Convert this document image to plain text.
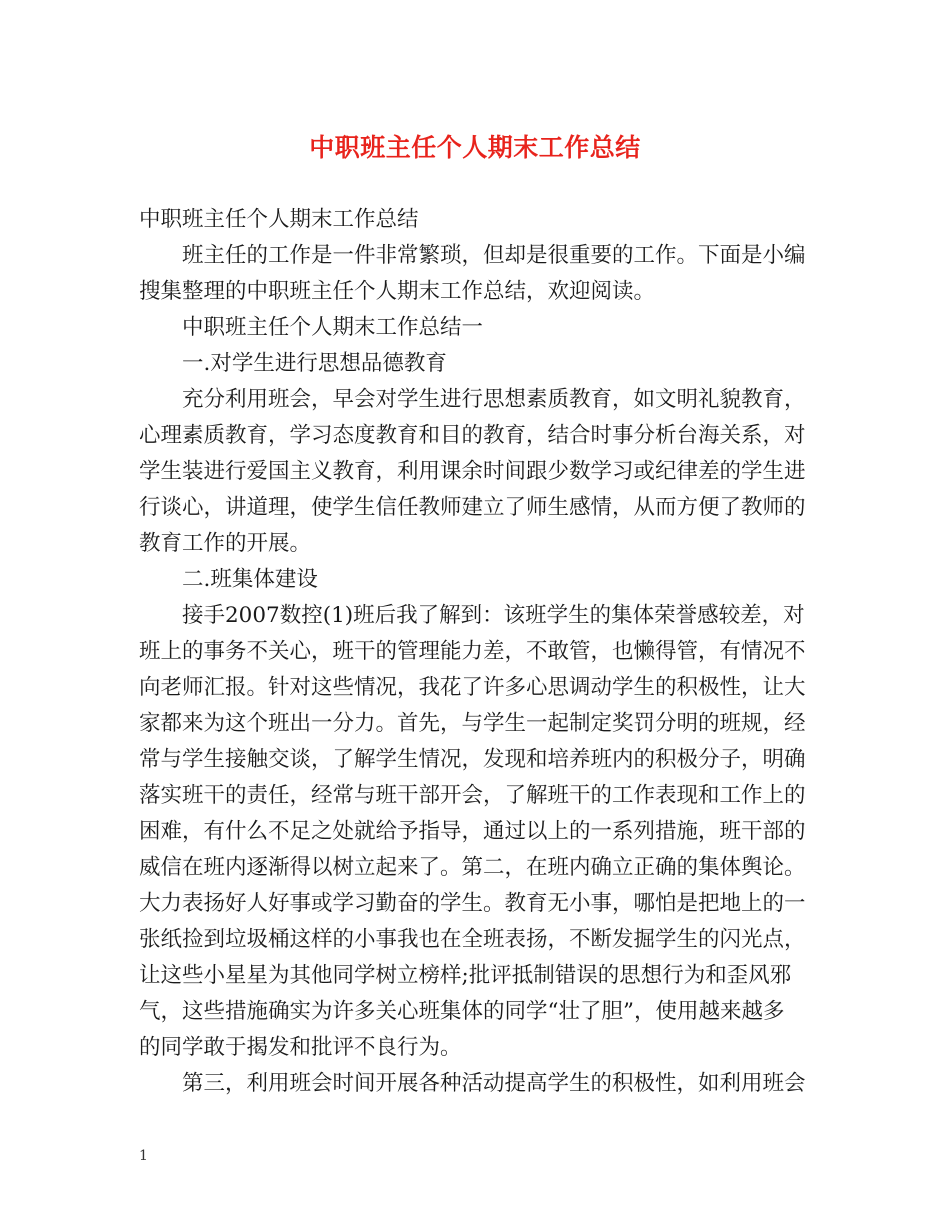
中职班主任个人期末工作总结
中职班主任个人期末工作总结
班主任的工作是一件非常繁琐，但却是很重要的工作。下面是小编
搜集整理的中职班主任个人期末工作总结，欢迎阅读。
中职班主任个人期末工作总结一
一.对学生进行思想品德教育
充分利用班会，早会对学生进行思想素质教育，如文明礼貌教育，
心理素质教育，学习态度教育和目的教育，结合时事分析台海关系，对
学生装进行爱国主义教育，利用课余时间跟少数学习或纪律差的学生进
行谈心，讲道理，使学生信任教师建立了师生感情，从而方便了教师的
教育工作的开展。
二.班集体建设
接手2007数控(1)班后我了解到：该班学生的集体荣誉感较差，对
班上的事务不关心，班干的管理能力差，不敢管，也懒得管，有情况不
向老师汇报。针对这些情况，我花了许多心思调动学生的积极性，让大
家都来为这个班出一分力。首先，与学生一起制定奖罚分明的班规，经
常与学生接触交谈，了解学生情况，发现和培养班内的积极分子，明确
落实班干的责任，经常与班干部开会，了解班干的工作表现和工作上的
困难，有什么不足之处就给予指导，通过以上的一系列措施，班干部的
威信在班内逐渐得以树立起来了。第二，在班内确立正确的集体舆论。
大力表扬好人好事或学习勤奋的学生。教育无小事，哪怕是把地上的一
张纸捡到垃圾桶这样的小事我也在全班表扬，不断发掘学生的闪光点，
让这些小星星为其他同学树立榜样;批评抵制错误的思想行为和歪风邪
气，这些措施确实为许多关心班集体的同学“壮了胆”，使用越来越多
的同学敢于揭发和批评不良行为。
第三，利用班会时间开展各种活动提高学生的积极性，如利用班会
1
